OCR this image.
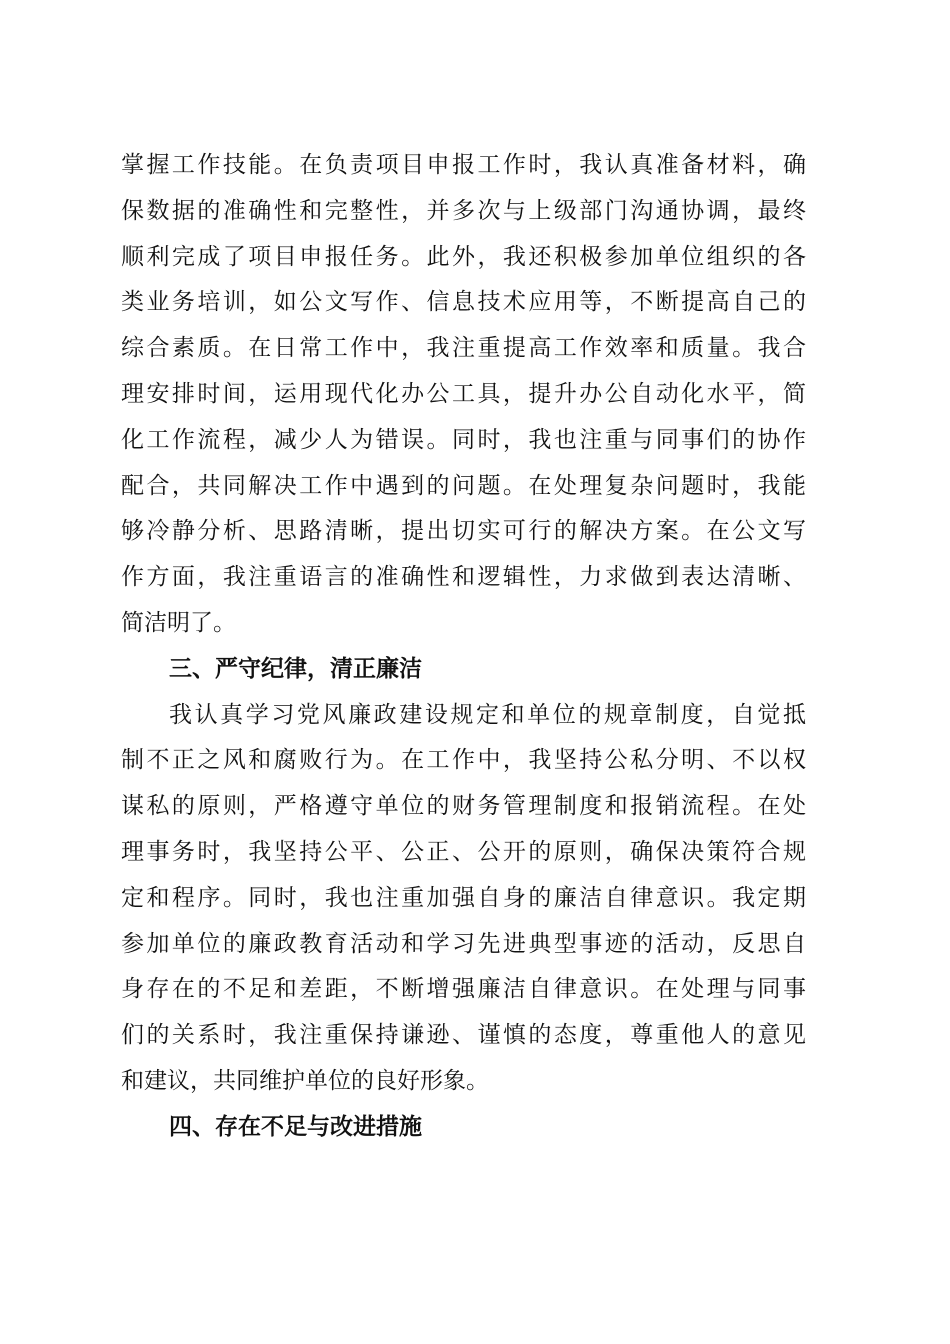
掌握工作技能。在负责项目申报工作时，我认真准备材料，确
保数据的准确性和完整性，并多次与上级部门沟通协调，最终
顺利完成了项目申报任务。此外，我还积极参加单位组织的各
类业务培训，如公文写作、信息技术应用等，不断提高自己的
综合素质。在日常工作中，我注重提高工作效率和质量。我合
理安排时间，运用现代化办公工具，提升办公自动化水平，简
化工作流程，减少人为错误。同时，我也注重与同事们的协作
配合，共同解决工作中遇到的问题。在处理复杂问题时，我能
够冷静分析、思路清晰，提出切实可行的解决方案。在公文写
作方面，我注重语言的准确性和逻辑性，力求做到表达清晰、
简洁明了。
三、严守纪律，清正廉洁
我认真学习党风廉政建设规定和单位的规章制度，自觉抵
制不正之风和腐败行为。在工作中，我坚持公私分明、不以权
谋私的原则，严格遵守单位的财务管理制度和报销流程。在处
理事务时，我坚持公平、公正、公开的原则，确保决策符合规
定和程序。同时，我也注重加强自身的廉洁自律意识。我定期
参加单位的廉政教育活动和学习先进典型事迹的活动，反思自
身存在的不足和差距，不断增强廉洁自律意识。在处理与同事
们的关系时，我注重保持谦逊、谨慎的态度，尊重他人的意见
和建议，共同维护单位的良好形象。
四、存在不足与改进措施
